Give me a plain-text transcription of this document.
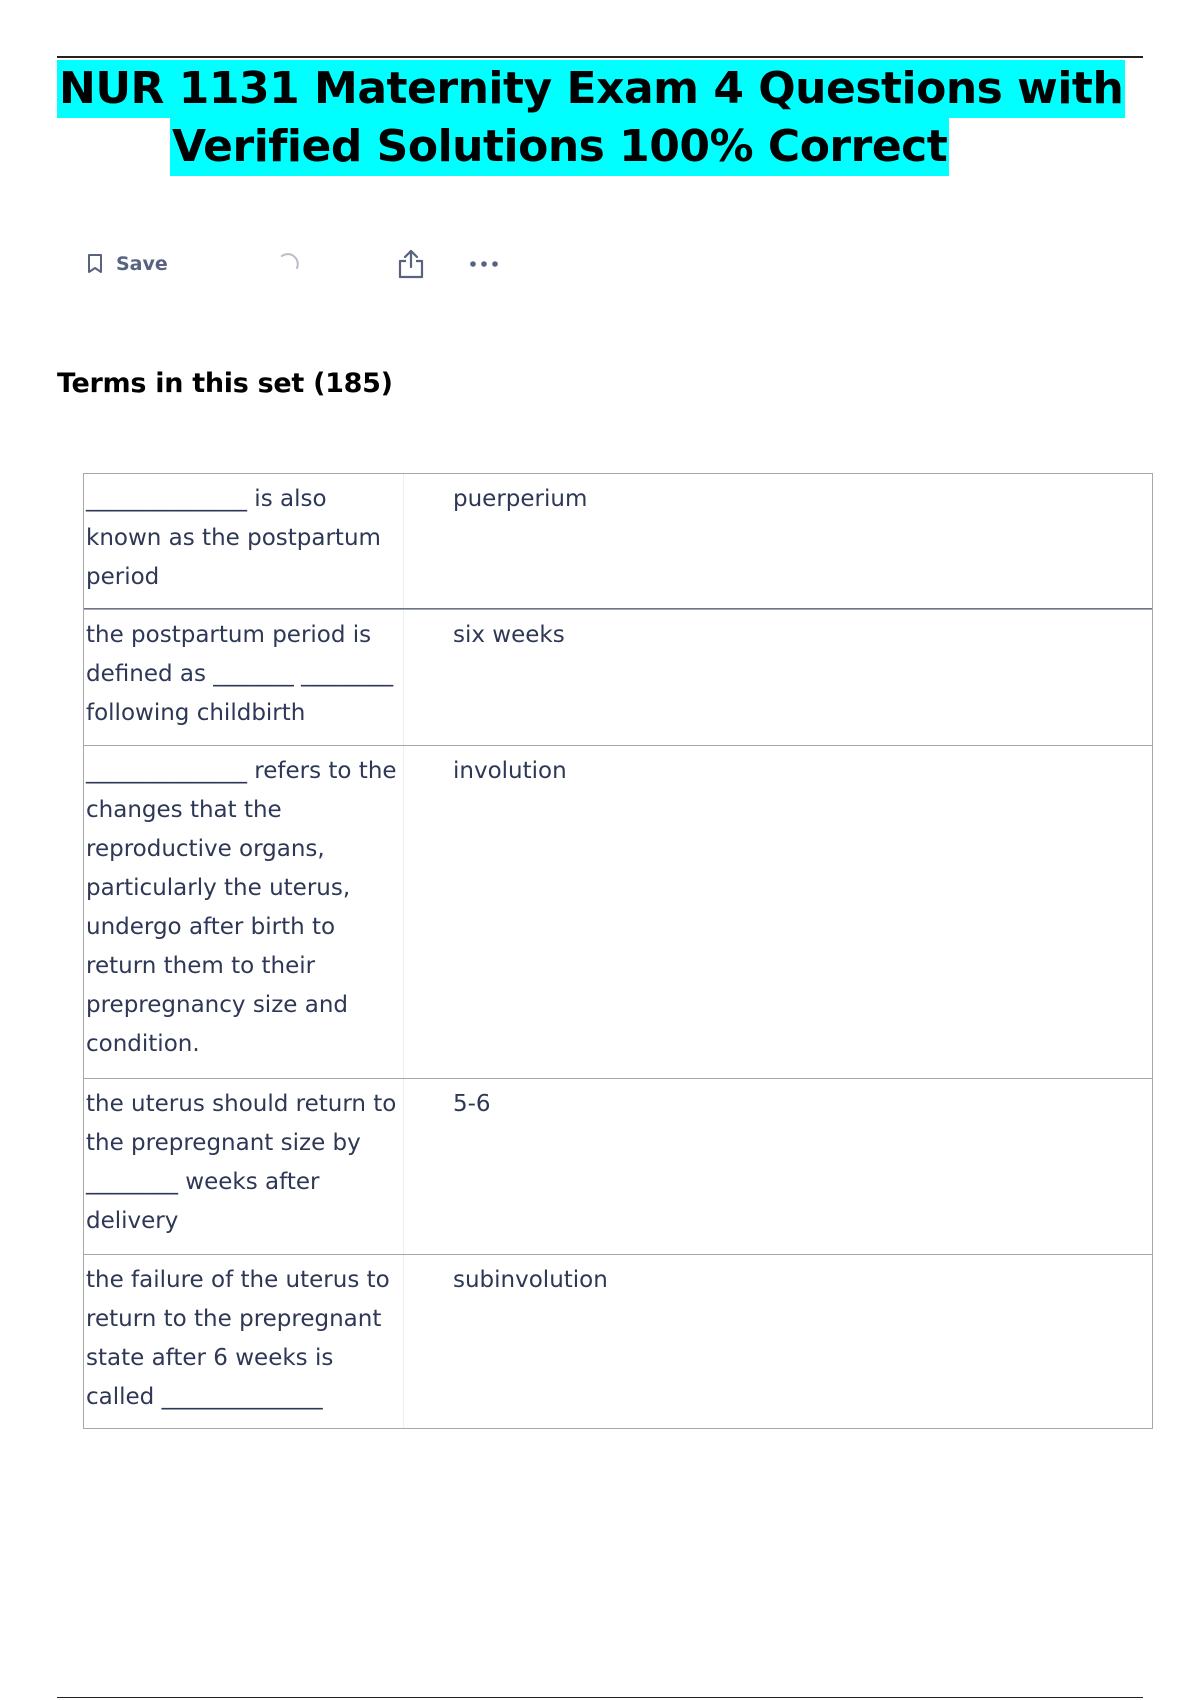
NUR 1131 Maternity Exam 4 Questions with
Verified Solutions 100% Correct
Save
Terms in this set (185)
______________ is also known as the postpartum period
puerperium
the postpartum period is defined as _______ ________ following childbirth
six weeks
______________ refers to the changes that the reproductive organs, particularly the uterus, undergo after birth to return them to their prepregnancy size and condition.
involution
the uterus should return to the prepregnant size by ________ weeks after delivery
5-6
the failure of the uterus to return to the prepregnant state after 6 weeks is called ______________
subinvolution
